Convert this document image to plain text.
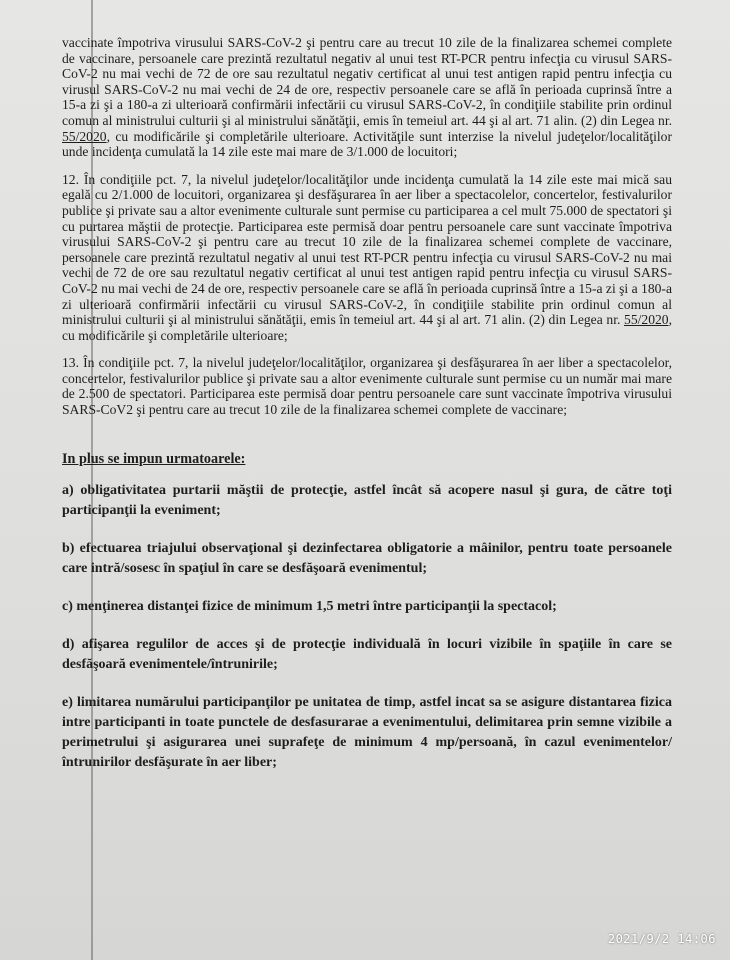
vaccinate împotriva virusului SARS-CoV-2 şi pentru care au trecut 10 zile de la finalizarea schemei complete de vaccinare, persoanele care prezintă rezultatul negativ al unui test RT-PCR pentru infecţia cu virusul SARS-CoV-2 nu mai vechi de 72 de ore sau rezultatul negativ certificat al unui test antigen rapid pentru infecţia cu virusul SARS-CoV-2 nu mai vechi de 24 de ore, respectiv persoanele care se află în perioada cuprinsă între a 15-a zi şi a 180-a zi ulterioară confirmării infectării cu virusul SARS-CoV-2, în condiţiile stabilite prin ordinul comun al ministrului culturii şi al ministrului sănătăţii, emis în temeiul art. 44 şi al art. 71 alin. (2) din Legea nr. 55/2020, cu modificările şi completările ulterioare. Activităţile sunt interzise la nivelul judeţelor/localităţilor unde incidenţa cumulată la 14 zile este mai mare de 3/1.000 de locuitori;

12. În condiţiile pct. 7, la nivelul judeţelor/localităţilor unde incidenţa cumulată la 14 zile este mai mică sau egală cu 2/1.000 de locuitori, organizarea şi desfăşurarea în aer liber a spectacolelor, concertelor, festivalurilor publice şi private sau a altor evenimente culturale sunt permise cu participarea a cel mult 75.000 de spectatori şi cu purtarea măştii de protecţie. Participarea este permisă doar pentru persoanele care sunt vaccinate împotriva virusului SARS-CoV-2 şi pentru care au trecut 10 zile de la finalizarea schemei complete de vaccinare, persoanele care prezintă rezultatul negativ al unui test RT-PCR pentru infecţia cu virusul SARS-CoV-2 nu mai vechi de 72 de ore sau rezultatul negativ certificat al unui test antigen rapid pentru infecţia cu virusul SARS-CoV-2 nu mai vechi de 24 de ore, respectiv persoanele care se află în perioada cuprinsă între a 15-a zi şi a 180-a zi ulterioară confirmării infectării cu virusul SARS-CoV-2, în condiţiile stabilite prin ordinul comun al ministrului culturii şi al ministrului sănătăţii, emis în temeiul art. 44 şi al art. 71 alin. (2) din Legea nr. 55/2020, cu modificările şi completările ulterioare;

13. În condiţiile pct. 7, la nivelul judeţelor/localităţilor, organizarea şi desfăşurarea în aer liber a spectacolelor, concertelor, festivalurilor publice şi private sau a altor evenimente culturale sunt permise cu un număr mai mare de 2.500 de spectatori. Participarea este permisă doar pentru persoanele care sunt vaccinate împotriva virusului SARS-CoV2 şi pentru care au trecut 10 zile de la finalizarea schemei complete de vaccinare;

In plus se impun urmatoarele:

a) obligativitatea purtarii măştii de protecţie, astfel încât să acopere nasul şi gura, de către toţi participanţii la eveniment;

b) efectuarea triajului observaţional şi dezinfectarea obligatorie a mâinilor, pentru toate persoanele care intră/sosesc în spaţiul în care se desfăşoară evenimentul;

c) menţinerea distanţei fizice de minimum 1,5 metri între participanţii la spectacol;

d) afişarea regulilor de acces şi de protecţie individuală în locuri vizibile în spaţiile în care se desfăşoară evenimentele/întrunirile;

e) limitarea numărului participanţilor pe unitatea de timp, astfel incat sa se asigure distantarea fizica intre participanti in toate punctele de desfasurarae a evenimentului, delimitarea prin semne vizibile a perimetrului şi asigurarea unei suprafeţe de minimum 4 mp/persoană, în cazul evenimentelor/întrunirilor desfăşurate în aer liber;

2021/9/2 14:06
